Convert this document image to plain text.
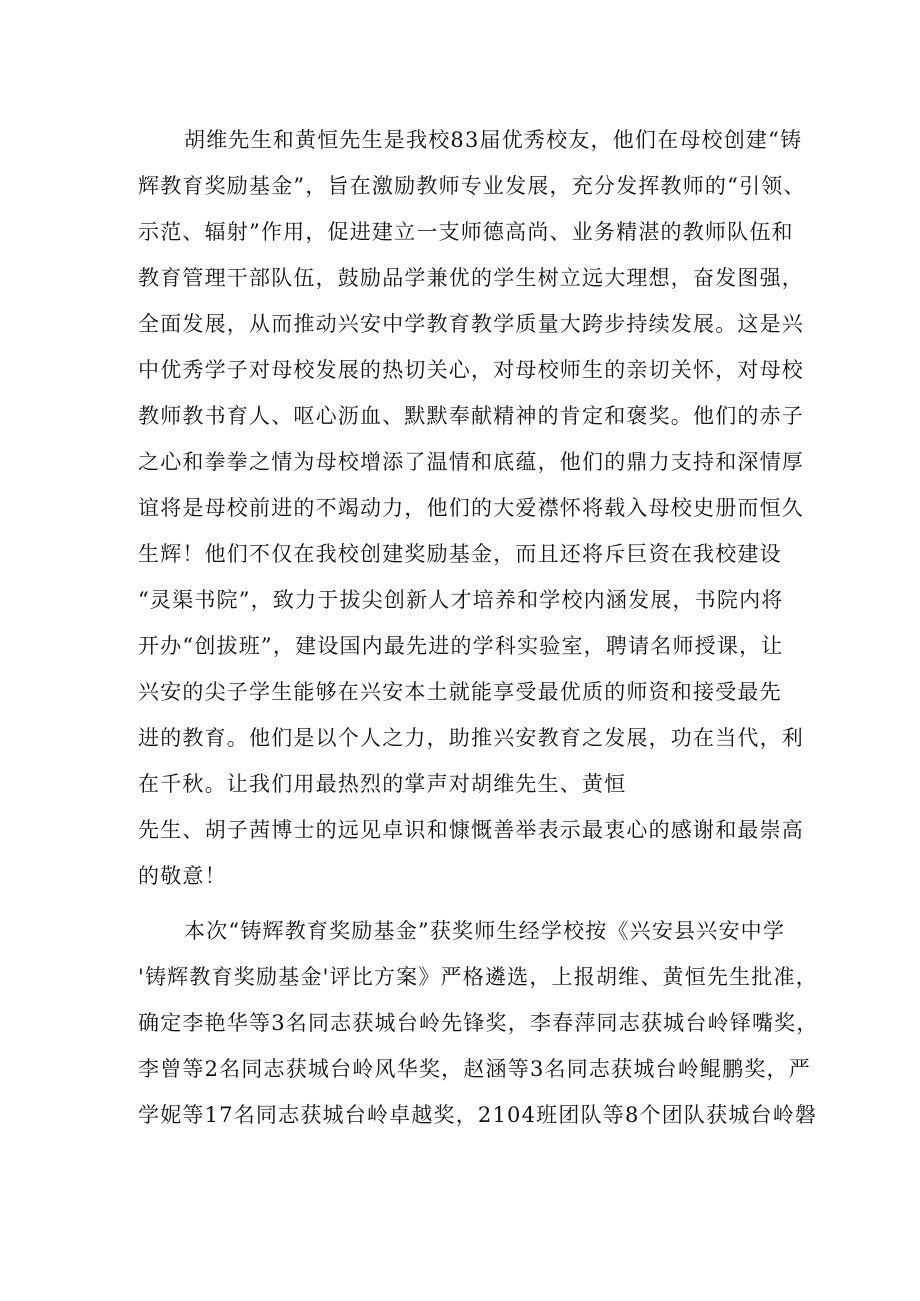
胡维先生和黄恒先生是我校83届优秀校友，他们在母校创建“铸
辉教育奖励基金”，旨在激励教师专业发展，充分发挥教师的“引领、
示范、辐射”作用，促进建立一支师德高尚、业务精湛的教师队伍和
教育管理干部队伍，鼓励品学兼优的学生树立远大理想，奋发图强，
全面发展，从而推动兴安中学教育教学质量大跨步持续发展。这是兴
中优秀学子对母校发展的热切关心，对母校师生的亲切关怀，对母校
教师教书育人、呕心沥血、默默奉献精神的肯定和褒奖。他们的赤子
之心和拳拳之情为母校增添了温情和底蕴，他们的鼎力支持和深情厚
谊将是母校前进的不竭动力，他们的大爱襟怀将载入母校史册而恒久
生辉！他们不仅在我校创建奖励基金，而且还将斥巨资在我校建设
“灵渠书院”，致力于拔尖创新人才培养和学校内涵发展，书院内将
开办“创拔班”，建设国内最先进的学科实验室，聘请名师授课，让
兴安的尖子学生能够在兴安本土就能享受最优质的师资和接受最先
进的教育。他们是以个人之力，助推兴安教育之发展，功在当代，利
在千秋。让我们用最热烈的掌声对胡维先生、黄恒
先生、胡子茜博士的远见卓识和慷慨善举表示最衷心的感谢和最崇高
的敬意！
本次“铸辉教育奖励基金”获奖师生经学校按《兴安县兴安中学
'铸辉教育奖励基金'评比方案》严格遴选，上报胡维、黄恒先生批准，
确定李艳华等3名同志获城台岭先锋奖，李春萍同志获城台岭铎嘴奖，
李曾等2名同志获城台岭风华奖，赵涵等3名同志获城台岭鲲鹏奖，严
学妮等17名同志获城台岭卓越奖，2104班团队等8个团队获城台岭磐
